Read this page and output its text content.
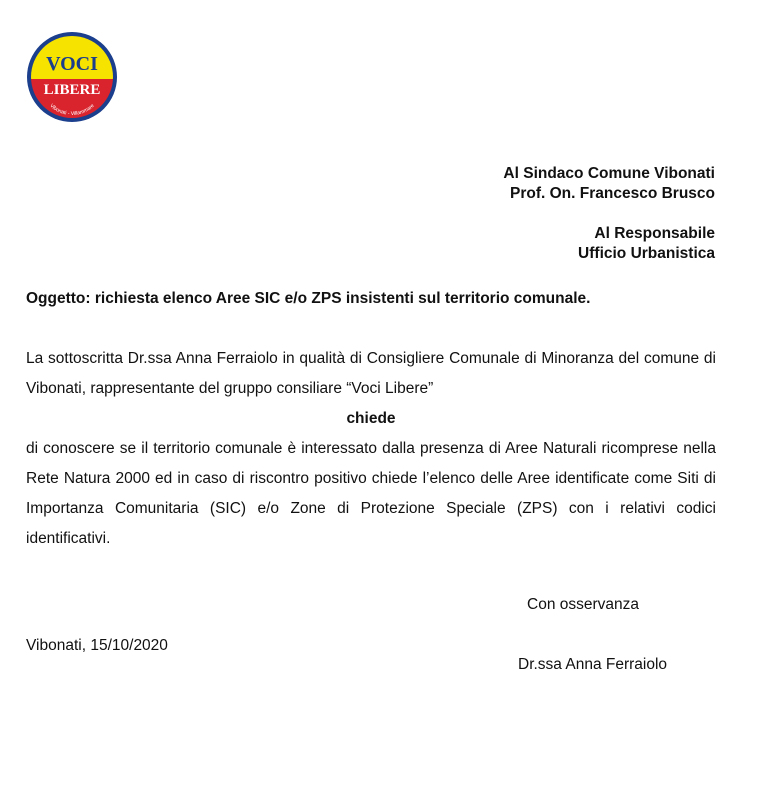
VOCI
LIBERE
Vibonati - Villammare
Al Sindaco Comune Vibonati
Prof. On. Francesco Brusco
Al Responsabile
Ufficio Urbanistica
Oggetto: richiesta elenco Aree SIC e/o ZPS insistenti sul territorio comunale.
La sottoscritta Dr.ssa Anna Ferraiolo in qualità di Consigliere Comunale di Minoranza del comune di Vibonati, rappresentante del gruppo consiliare “Voci Libere”
chiede
di conoscere se il territorio comunale è interessato dalla presenza di Aree Naturali ricomprese nella Rete Natura 2000 ed in caso di riscontro positivo chiede l’elenco delle Aree identificate come Siti di Importanza Comunitaria (SIC) e/o Zone di Protezione Speciale (ZPS) con i relativi codici identificativi.
Con osservanza
Vibonati, 15/10/2020
Dr.ssa Anna Ferraiolo
